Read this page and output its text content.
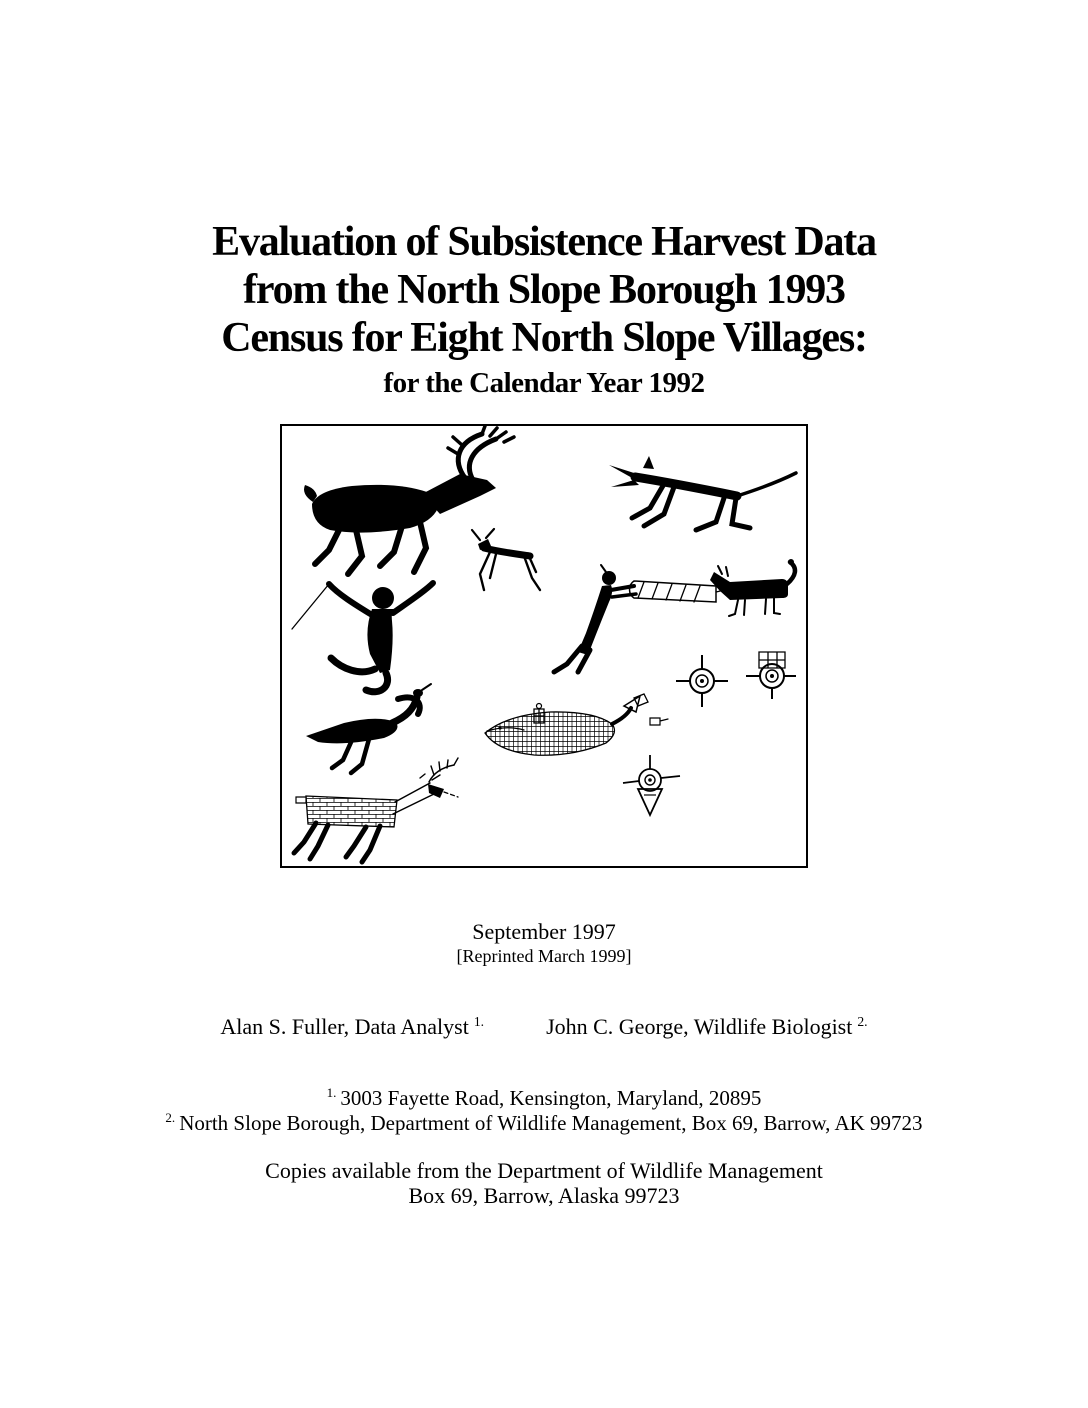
Evaluation of Subsistence Harvest Data
from the North Slope Borough 1993
Census for Eight North Slope Villages:
for the Calendar Year 1992
September 1997
[Reprinted March 1999]
Alan S. Fuller, Data Analyst $^{1.}$	John C. George, Wildlife Biologist $^{2.}$
$^{1.}$ 3003 Fayette Road, Kensington, Maryland, 20895
$^{2.}$ North Slope Borough, Department of Wildlife Management, Box 69, Barrow, AK 99723
Copies available from the Department of Wildlife Management
Box 69, Barrow, Alaska 99723
